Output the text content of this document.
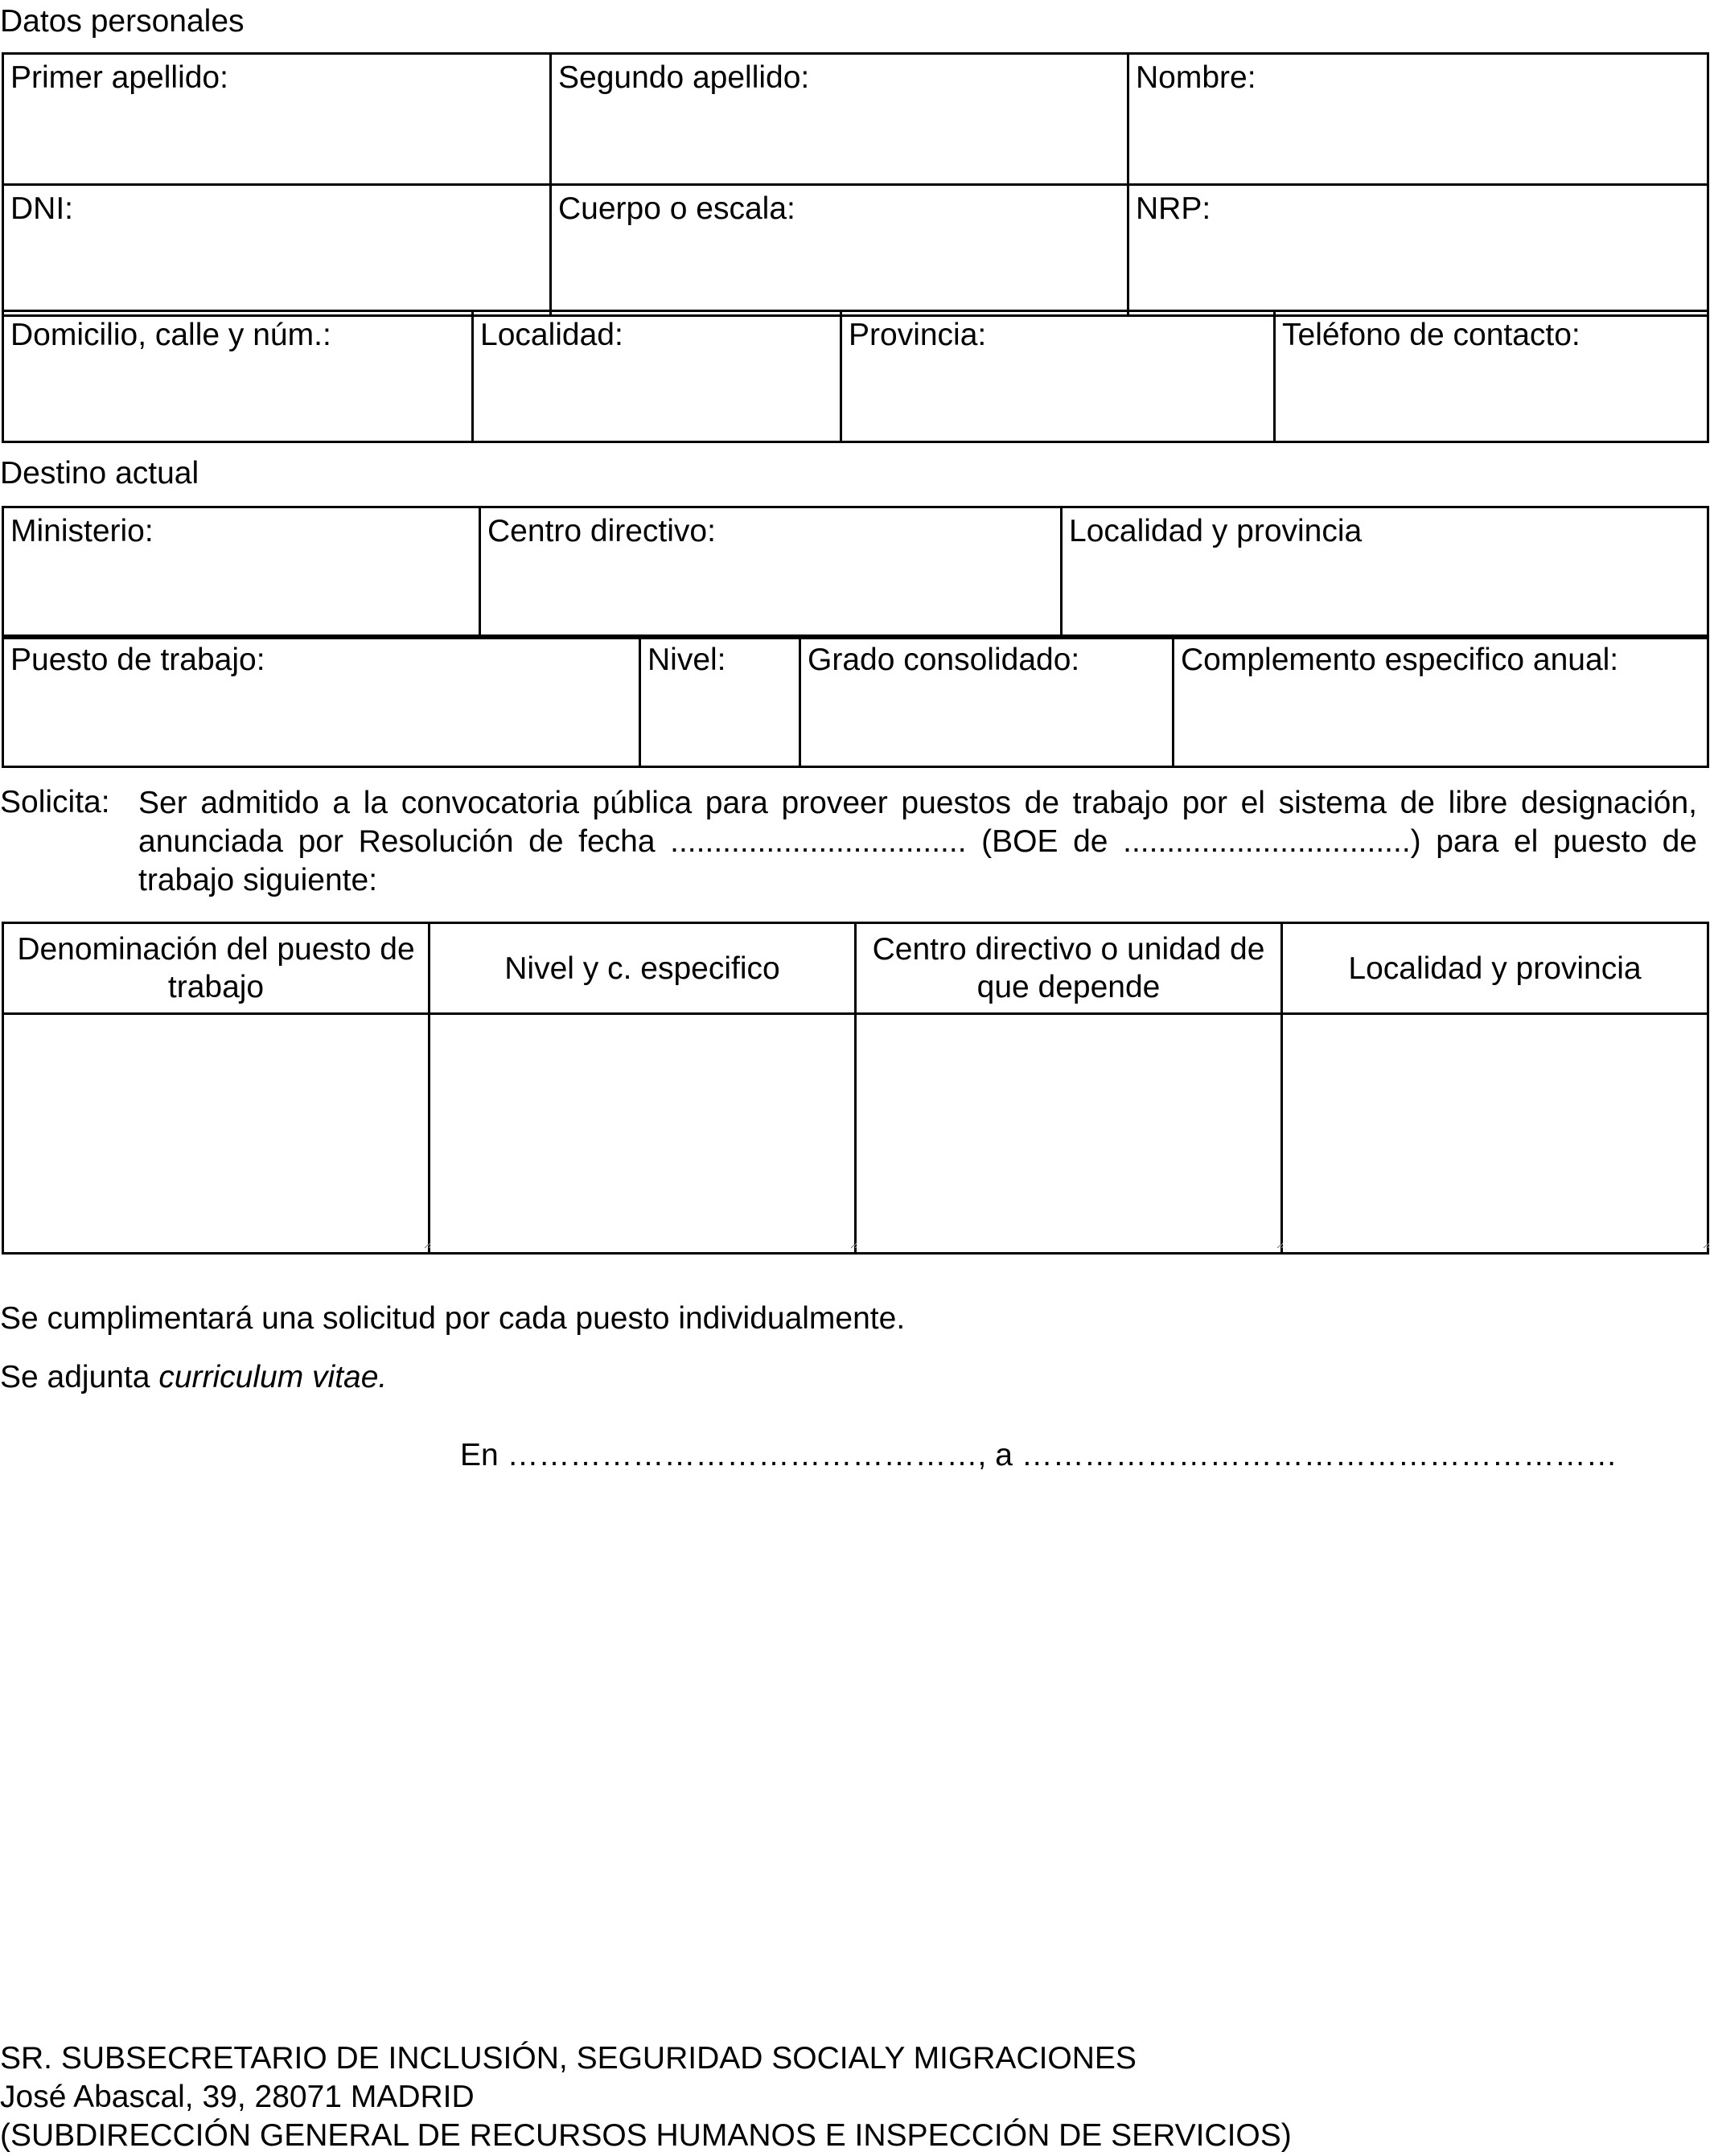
Datos personales
Primer apellido:	Segundo apellido:	Nombre:

DNI:	Cuerpo o escala:	NRP:
Domicilio, calle y núm.:	Localidad:	Provincia:	Teléfono de contacto:
Destino actual
Ministerio:	Centro directivo:	Localidad y provincia
Puesto de trabajo:	Nivel:	Grado consolidado:	Complemento especifico anual:
Solicita: Ser admitido a la convocatoria pública para proveer puestos de trabajo por el sistema de libre designación, anunciada por Resolución de fecha .................................. (BOE de .................................) para el puesto de trabajo siguiente:
Denominación del puesto de trabajo	Nivel y c. especifico	Centro directivo o unidad de que depende	Localidad y provincia

Se cumplimentará una solicitud por cada puesto individualmente.
Se adjunta curriculum vitae.
En ………………………………………, a …………………………………………………
SR. SUBSECRETARIO DE INCLUSIÓN, SEGURIDAD SOCIALY MIGRACIONES
José Abascal, 39, 28071 MADRID
(SUBDIRECCIÓN GENERAL DE RECURSOS HUMANOS E INSPECCIÓN DE SERVICIOS)
